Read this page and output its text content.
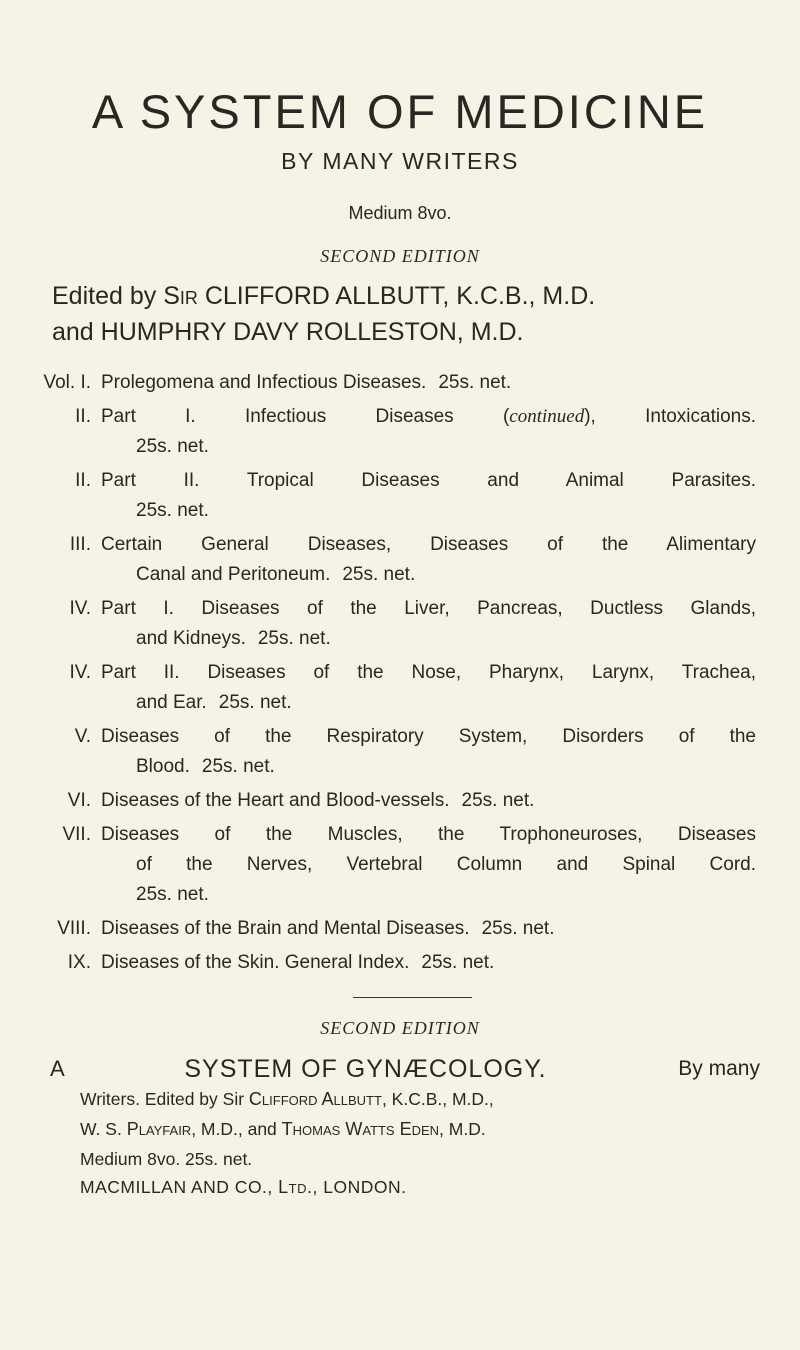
A SYSTEM OF MEDICINE
BY MANY WRITERS
Medium 8vo.
SECOND EDITION
Edited by Sir CLIFFORD ALLBUTT, K.C.B., M.D.
and HUMPHRY DAVY ROLLESTON, M.D.
Vol. I. Prolegomena and Infectious Diseases. 25s. net.
II. Part I. Infectious Diseases (continued), Intoxications.
25s. net.
II. Part II. Tropical Diseases and Animal Parasites.
25s. net.
III. Certain General Diseases, Diseases of the Alimentary
Canal and Peritoneum. 25s. net.
IV. Part I. Diseases of the Liver, Pancreas, Ductless Glands,
and Kidneys. 25s. net.
IV. Part II. Diseases of the Nose, Pharynx, Larynx, Trachea,
and Ear. 25s. net.
V. Diseases of the Respiratory System, Disorders of the
Blood. 25s. net.
VI. Diseases of the Heart and Blood-vessels. 25s. net.
VII. Diseases of the Muscles, the Trophoneuroses, Diseases
of the Nerves, Vertebral Column and Spinal Cord.
25s. net.
VIII. Diseases of the Brain and Mental Diseases. 25s. net.
IX. Diseases of the Skin. General Index. 25s. net.
SECOND EDITION
A	SYSTEM OF GYNÆCOLOGY.	By many
Writers. Edited by Sir Clifford Allbutt, K.C.B., M.D.,
W. S. Playfair, M.D., and Thomas Watts Eden, M.D.
Medium 8vo. 25s. net.
MACMILLAN AND CO., Ltd., LONDON.
